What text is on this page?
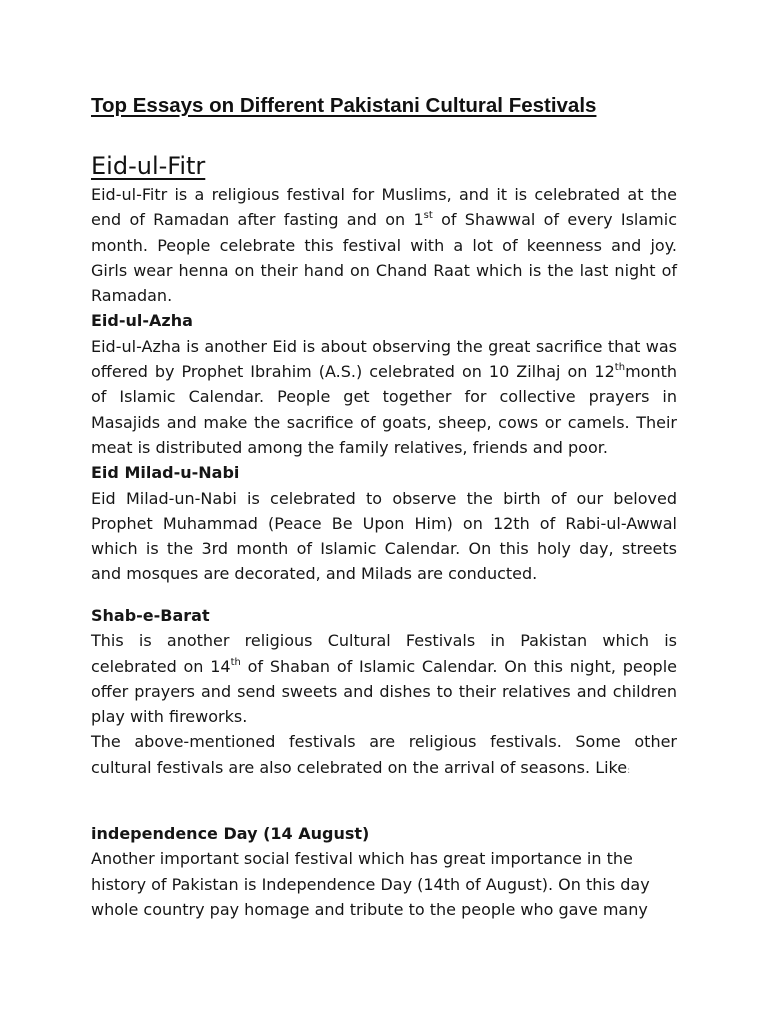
Top Essays on Different Pakistani Cultural Festivals
Eid-ul-Fitr
Eid-ul-Fitr is a religious festival for Muslims, and it is celebrated at the
end of Ramadan after fasting and on 1st of Shawwal of every Islamic
month. People celebrate this festival with a lot of keenness and joy.
Girls wear henna on their hand on Chand Raat which is the last night of
Ramadan.
Eid-ul-Azha
Eid-ul-Azha is another Eid is about observing the great sacrifice that was
offered by Prophet Ibrahim (A.S.) celebrated on 10 Zilhaj on 12thmonth
of Islamic Calendar. People get together for collective prayers in
Masajids and make the sacrifice of goats, sheep, cows or camels. Their
meat is distributed among the family relatives, friends and poor.
Eid Milad-u-Nabi
Eid Milad-un-Nabi is celebrated to observe the birth of our beloved
Prophet Muhammad (Peace Be Upon Him) on 12th of Rabi-ul-Awwal
which is the 3rd month of Islamic Calendar. On this holy day, streets
and mosques are decorated, and Milads are conducted.
Shab-e-Barat
This is another religious Cultural Festivals in Pakistan which is
celebrated on 14th of Shaban of Islamic Calendar. On this night, people
offer prayers and send sweets and dishes to their relatives and children
play with fireworks.
The above-mentioned festivals are religious festivals. Some other
cultural festivals are also celebrated on the arrival of seasons. Like:
independence Day (14 August)
Another important social festival which has great importance in the
history of Pakistan is Independence Day (14th of August). On this day
whole country pay homage and tribute to the people who gave many
